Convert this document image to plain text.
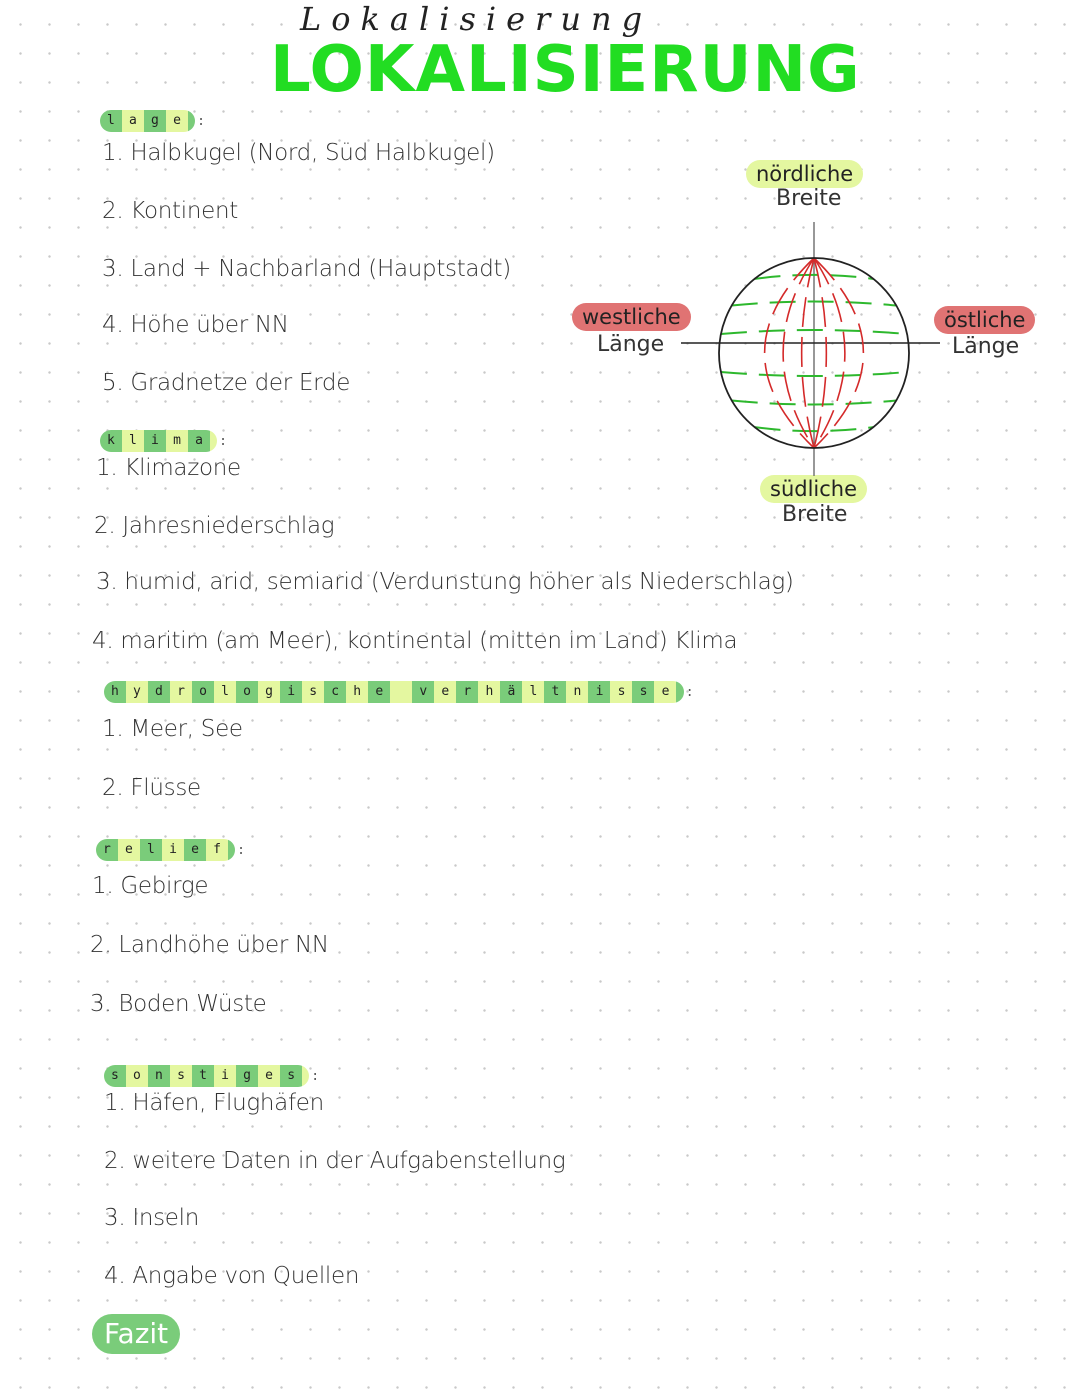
Lokalisierung
LOKALISIERUNG
lage :
1. Halbkugel (Nord, Süd Halbkugel)
2. Kontinent
3. Land + Nachbarland (Hauptstadt)
4. Höhe über NN
5. Gradnetze der Erde
klima :
1. Klimazone
2. Jahresniederschlag
3. humid, arid, semiarid (Verdunstung höher als Niederschlag)
4. maritim (am Meer), kontinental (mitten im Land) Klima
hydrologische verhältnisse :
1. Meer, See
2. Flüsse
relief :
1. Gebirge
2. Landhöhe über NN
3. Boden Wüste
sonstiges :
1. Häfen, Flughäfen
2. weitere Daten in der Aufgabenstellung
3. Inseln
4. Angabe von Quellen
nördliche
Breite
westliche
Länge
östliche
Länge
südliche
Breite
Fazit
